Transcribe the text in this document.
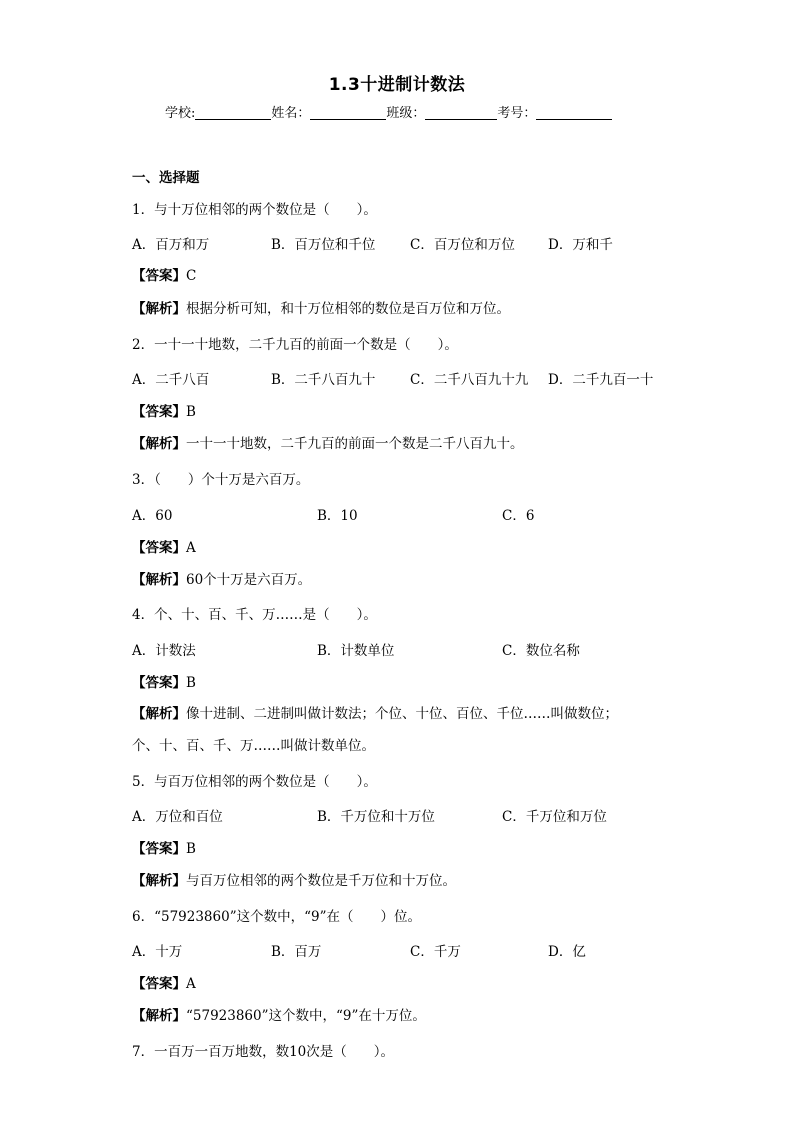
1.3十进制计数法
学校:	姓名：	班级：	考号：
一、选择题
1．与十万位相邻的两个数位是（　　）。
A．百万和万	B．百万位和千位	C．百万位和万位 D．万和千
【答案】C
【解析】根据分析可知，和十万位相邻的数位是百万位和万位。
2．一十一十地数，二千九百的前面一个数是（　　）。
A．二千八百	B．二千八百九十	C．二千八百九十九 D．二千九百一十
【答案】B
【解析】一十一十地数，二千九百的前面一个数是二千八百九十。
3．（　　）个十万是六百万。
A．60	B．10	C．6
【答案】A
【解析】60个十万是六百万。
4．个、十、百、千、万……是（　　）。
A．计数法	B．计数单位	C．数位名称
【答案】B
【解析】像十进制、二进制叫做计数法；个位、十位、百位、千位……叫做数位；
个、十、百、千、万……叫做计数单位。
5．与百万位相邻的两个数位是（　　）。
A．万位和百位	B．千万位和十万位	C．千万位和万位
【答案】B
【解析】与百万位相邻的两个数位是千万位和十万位。
6．“57923860”这个数中，“9”在（　　）位。
A．十万	B．百万	C．千万	D．亿
【答案】A
【解析】“57923860”这个数中，“9”在十万位。
7．一百万一百万地数，数10次是（　　）。
